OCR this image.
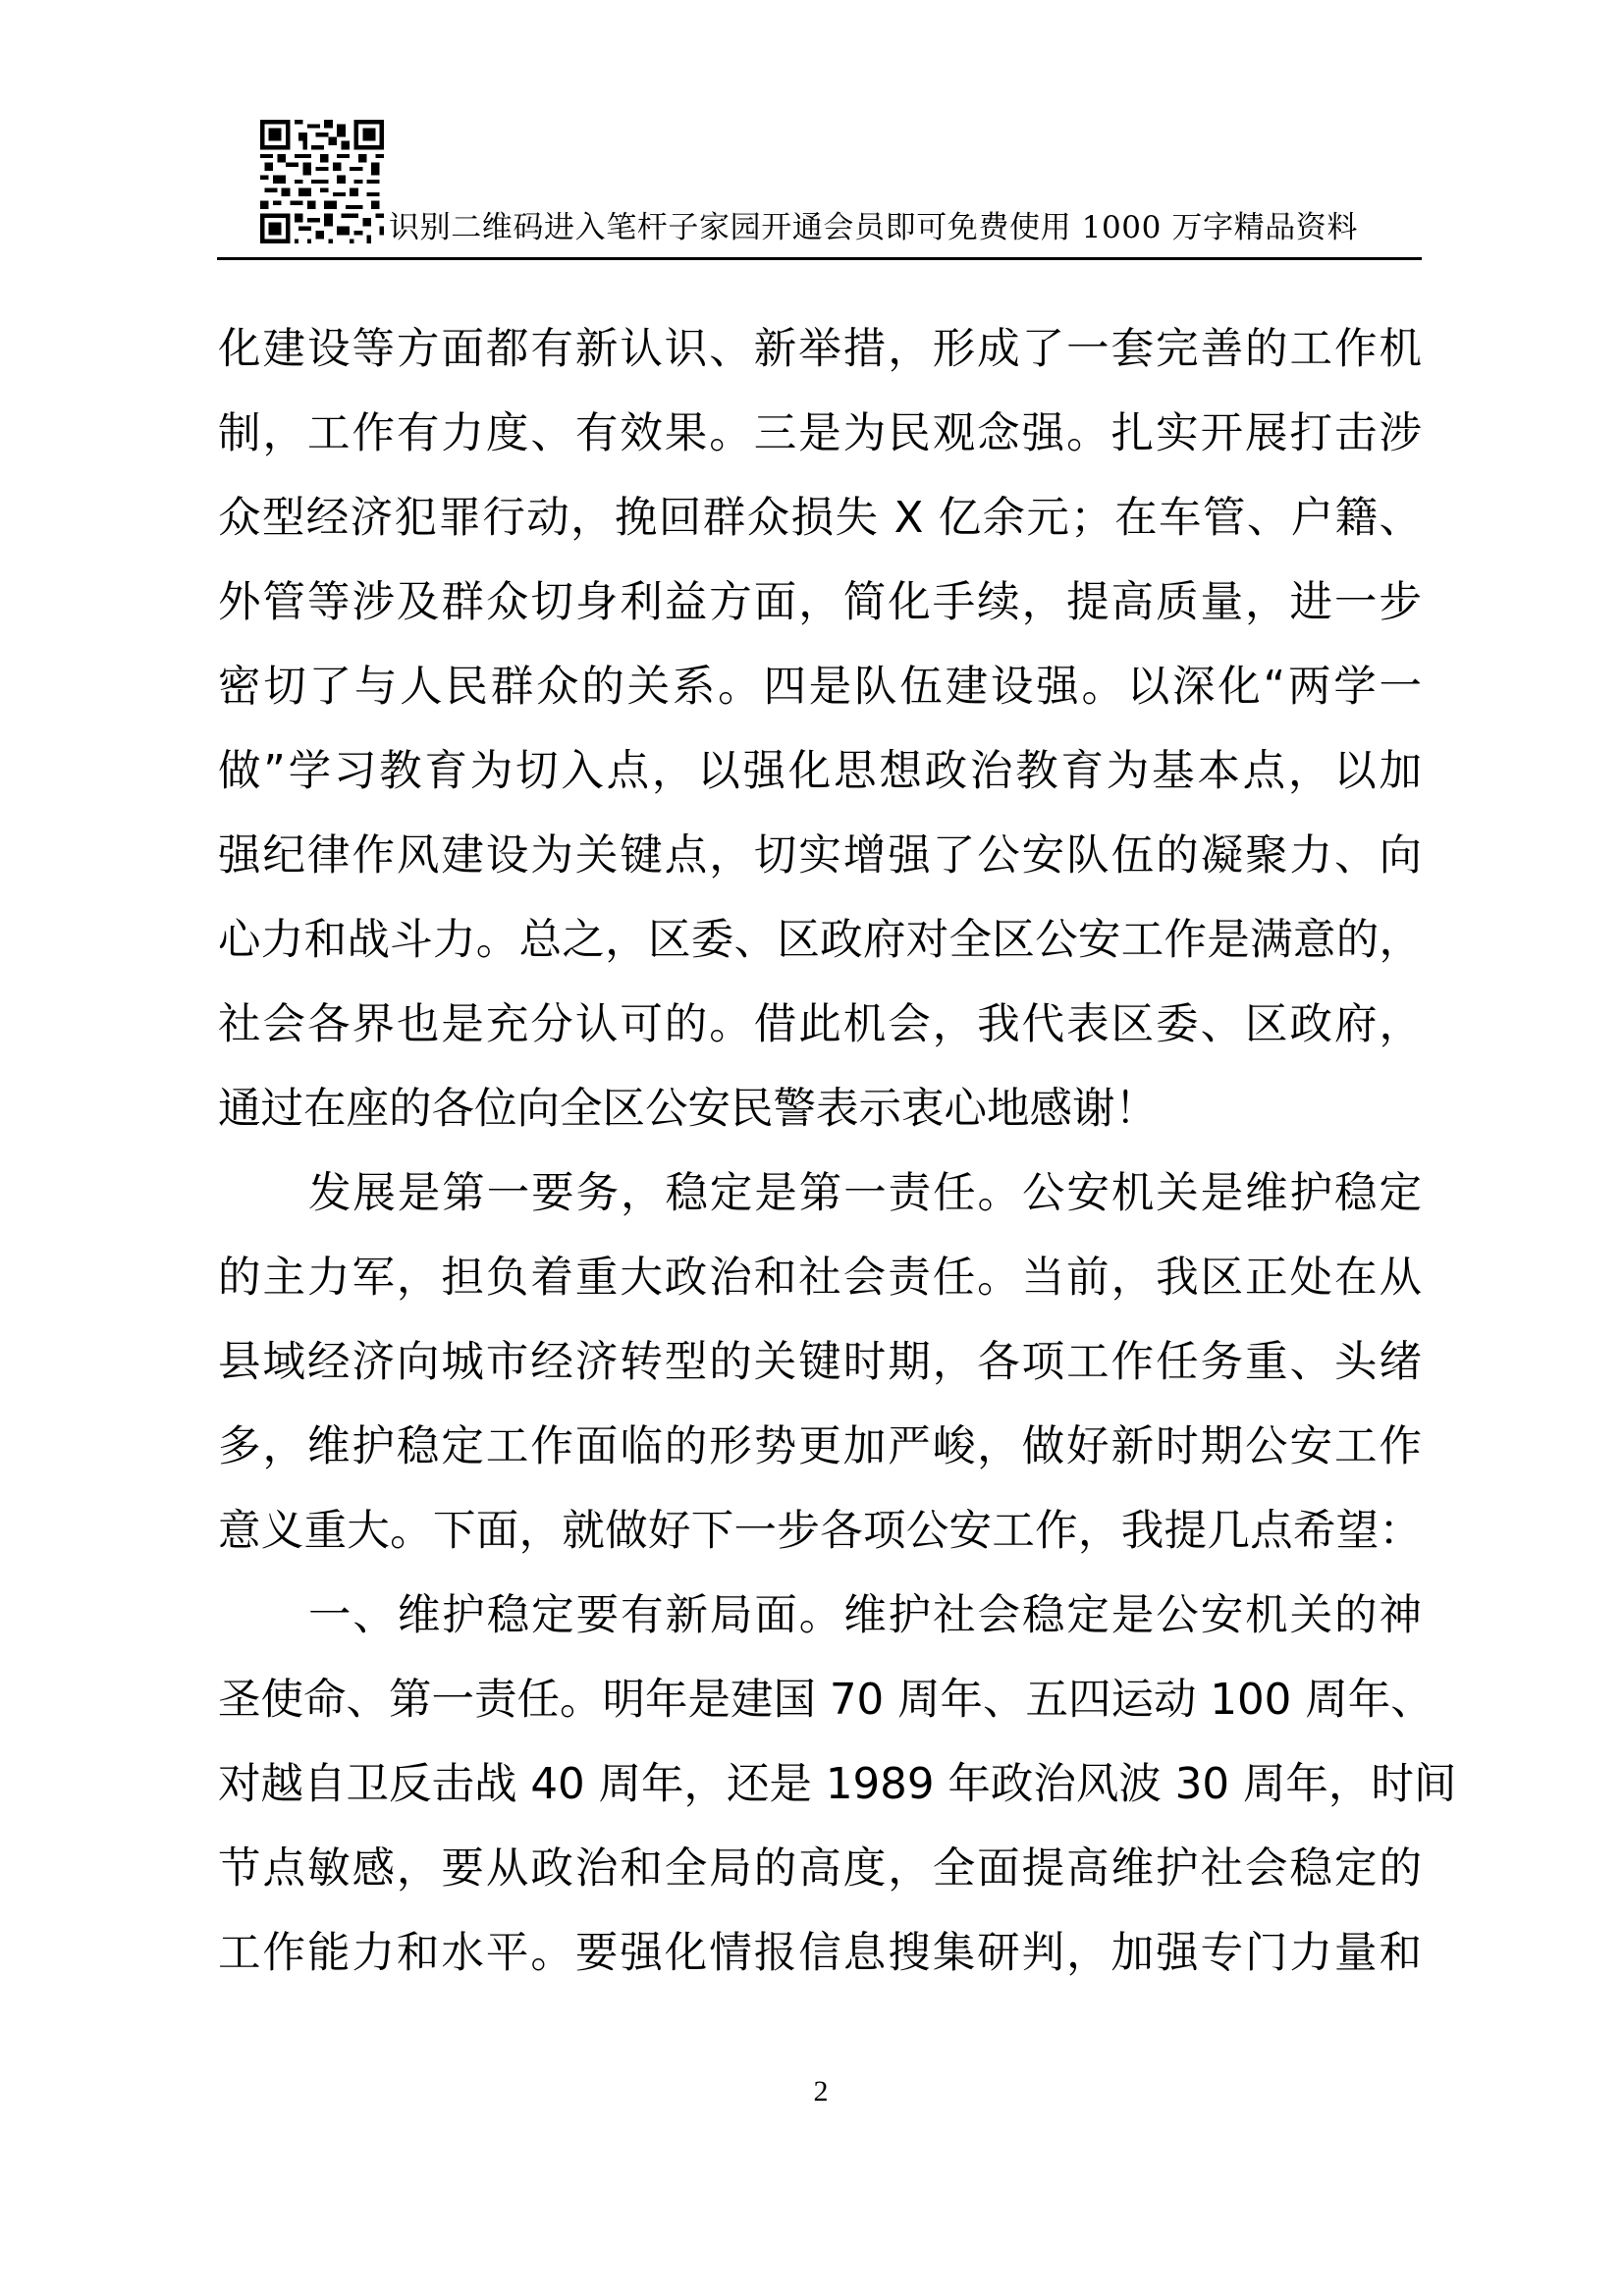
识别二维码进入笔杆子家园开通会员即可免费使用 1000 万字精品资料
化建设等方面都有新认识、新举措，形成了一套完善的工作机
制，工作有力度、有效果。三是为民观念强。扎实开展打击涉
众型经济犯罪行动，挽回群众损失 X 亿余元；在车管、户籍、
外管等涉及群众切身利益方面，简化手续，提高质量，进一步
密切了与人民群众的关系。四是队伍建设强。以深化“两学一
做”学习教育为切入点，以强化思想政治教育为基本点，以加
强纪律作风建设为关键点，切实增强了公安队伍的凝聚力、向
心力和战斗力。总之，区委、区政府对全区公安工作是满意的，
社会各界也是充分认可的。借此机会，我代表区委、区政府，
通过在座的各位向全区公安民警表示衷心地感谢！
发展是第一要务，稳定是第一责任。公安机关是维护稳定
的主力军，担负着重大政治和社会责任。当前，我区正处在从
县域经济向城市经济转型的关键时期，各项工作任务重、头绪
多，维护稳定工作面临的形势更加严峻，做好新时期公安工作
意义重大。下面，就做好下一步各项公安工作，我提几点希望：
一、维护稳定要有新局面。维护社会稳定是公安机关的神
圣使命、第一责任。明年是建国 70 周年、五四运动 100 周年、
对越自卫反击战 40 周年，还是 1989 年政治风波 30 周年，时间
节点敏感，要从政治和全局的高度，全面提高维护社会稳定的
工作能力和水平。要强化情报信息搜集研判，加强专门力量和
2
